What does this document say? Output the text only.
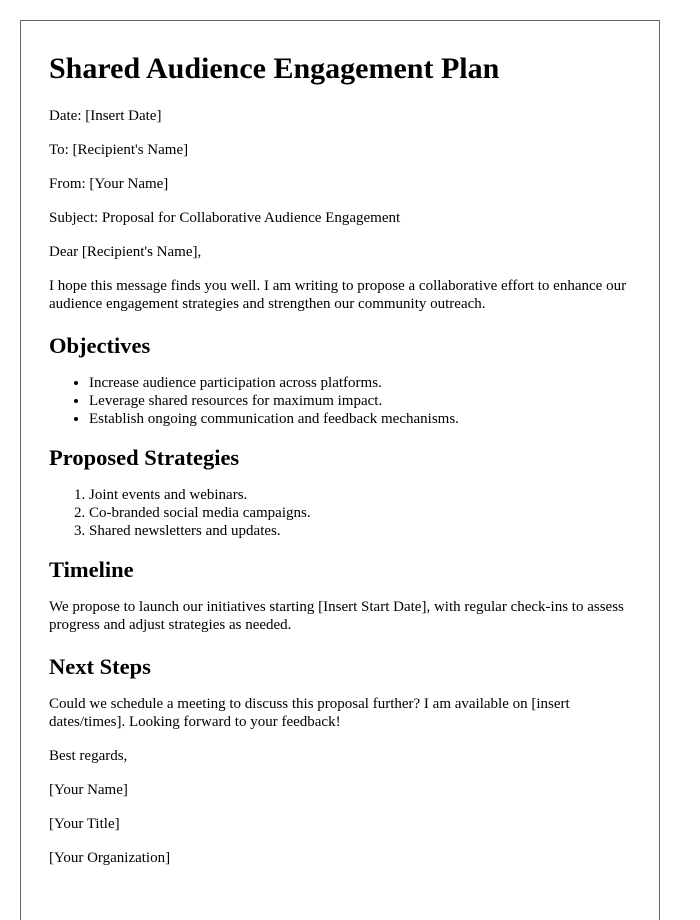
Shared Audience Engagement Plan

Date: [Insert Date]

To: [Recipient's Name]

From: [Your Name]

Subject: Proposal for Collaborative Audience Engagement

Dear [Recipient's Name],

I hope this message finds you well. I am writing to propose a collaborative effort to enhance our audience engagement strategies and strengthen our community outreach.

Objectives
• Increase audience participation across platforms.
• Leverage shared resources for maximum impact.
• Establish ongoing communication and feedback mechanisms.
Proposed Strategies
1. Joint events and webinars.
2. Co-branded social media campaigns.
3. Shared newsletters and updates.
Timeline

We propose to launch our initiatives starting [Insert Start Date], with regular check-ins to assess progress and adjust strategies as needed.

Next Steps

Could we schedule a meeting to discuss this proposal further? I am available on [insert dates/times]. Looking forward to your feedback!

Best regards,

[Your Name]

[Your Title]

[Your Organization]
